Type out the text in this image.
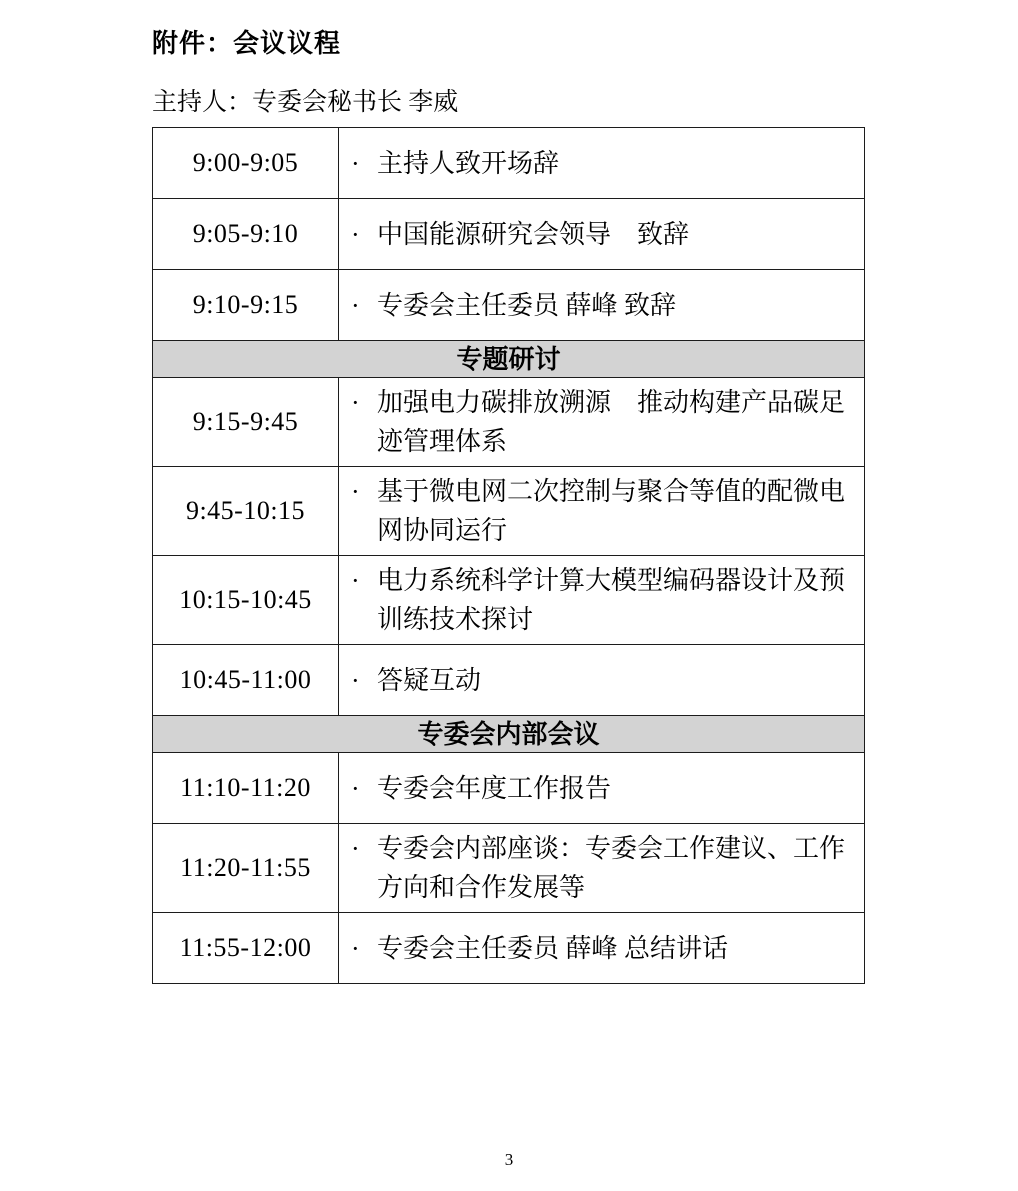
附件：会议议程
主持人：专委会秘书长 李威
9:00-9:05	· 主持人致开场辞

9:05-9:10	· 中国能源研究会领导　致辞

9:10-9:15	· 专委会主任委员 薛峰 致辞

专题研讨	
9:15-9:45	· 加强电力碳排放溯源　推动构建产品碳足迹管理体系

9:45-10:15	· 基于微电网二次控制与聚合等值的配微电网协同运行

10:15-10:45	· 电力系统科学计算大模型编码器设计及预训练技术探讨

10:45-11:00	· 答疑互动

专委会内部会议	
11:10-11:20	· 专委会年度工作报告

11:20-11:55	· 专委会内部座谈：专委会工作建议、工作方向和合作发展等

11:55-12:00	· 专委会主任委员 薛峰 总结讲话
3
